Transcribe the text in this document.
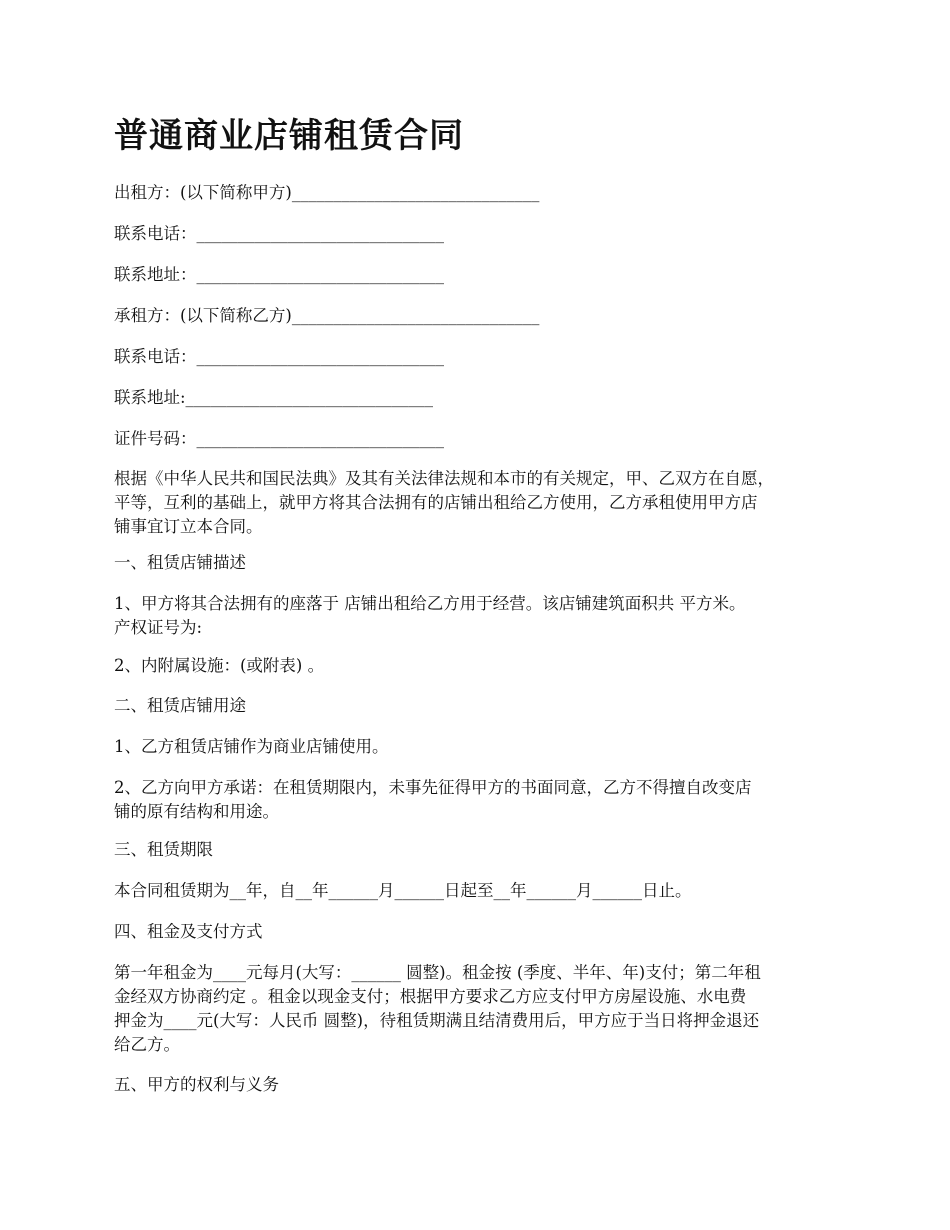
普通商业店铺租赁合同

出租方：(以下简称甲方)______________________________

联系电话：______________________________

联系地址：______________________________

承租方：(以下简称乙方)______________________________

联系电话：______________________________

联系地址:______________________________

证件号码：______________________________

根据《中华人民共和国民法典》及其有关法律法规和本市的有关规定，甲、乙双方在自愿，
平等，互利的基础上，就甲方将其合法拥有的店铺出租给乙方使用，乙方承租使用甲方店
铺事宜订立本合同。

一、租赁店铺描述

1、甲方将其合法拥有的座落于 店铺出租给乙方用于经营。该店铺建筑面积共 平方米。
产权证号为:

2、内附属设施：(或附表) 。

二、租赁店铺用途

1、乙方租赁店铺作为商业店铺使用。

2、乙方向甲方承诺：在租赁期限内，未事先征得甲方的书面同意，乙方不得擅自改变店
铺的原有结构和用途。

三、租赁期限

本合同租赁期为__年，自__年______月______日起至__年______月______日止。

四、租金及支付方式

第一年租金为____元每月(大写：______ 圆整)。租金按 (季度、半年、年)支付；第二年租
金经双方协商约定 。租金以现金支付；根据甲方要求乙方应支付甲方房屋设施、水电费
押金为____元(大写：人民币 圆整)，待租赁期满且结清费用后，甲方应于当日将押金退还
给乙方。

五、甲方的权利与义务
